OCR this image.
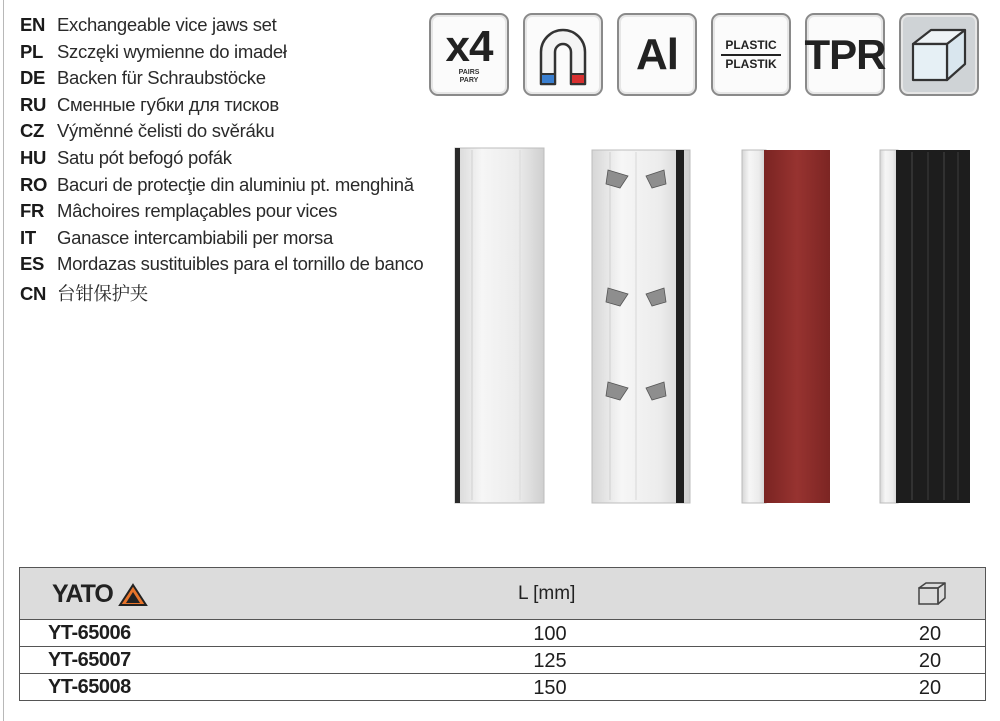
EN Exchangeable vice jaws set
PL Szczęki wymienne do imadeł
DE Backen für Schraubstöcke
RU Сменные губки для тисков
CZ Výměnné čelisti do svěráku
HU Satu pót befogó pofák
RO Bacuri de protecţie din aluminiu pt. menghină
FR Mâchoires remplaçables pour vices
IT	Ganasce intercambiabili per morsa
ES Mordazas sustituibles para el tornillo de banco
CN 台钳保护夹
x4
PAIRS
PARY
Al	PLASTIC
PLASTIK TPR
YATO	L [mm]
YT-65006	100	20
YT-65007	125	20
YT-65008	150	20
